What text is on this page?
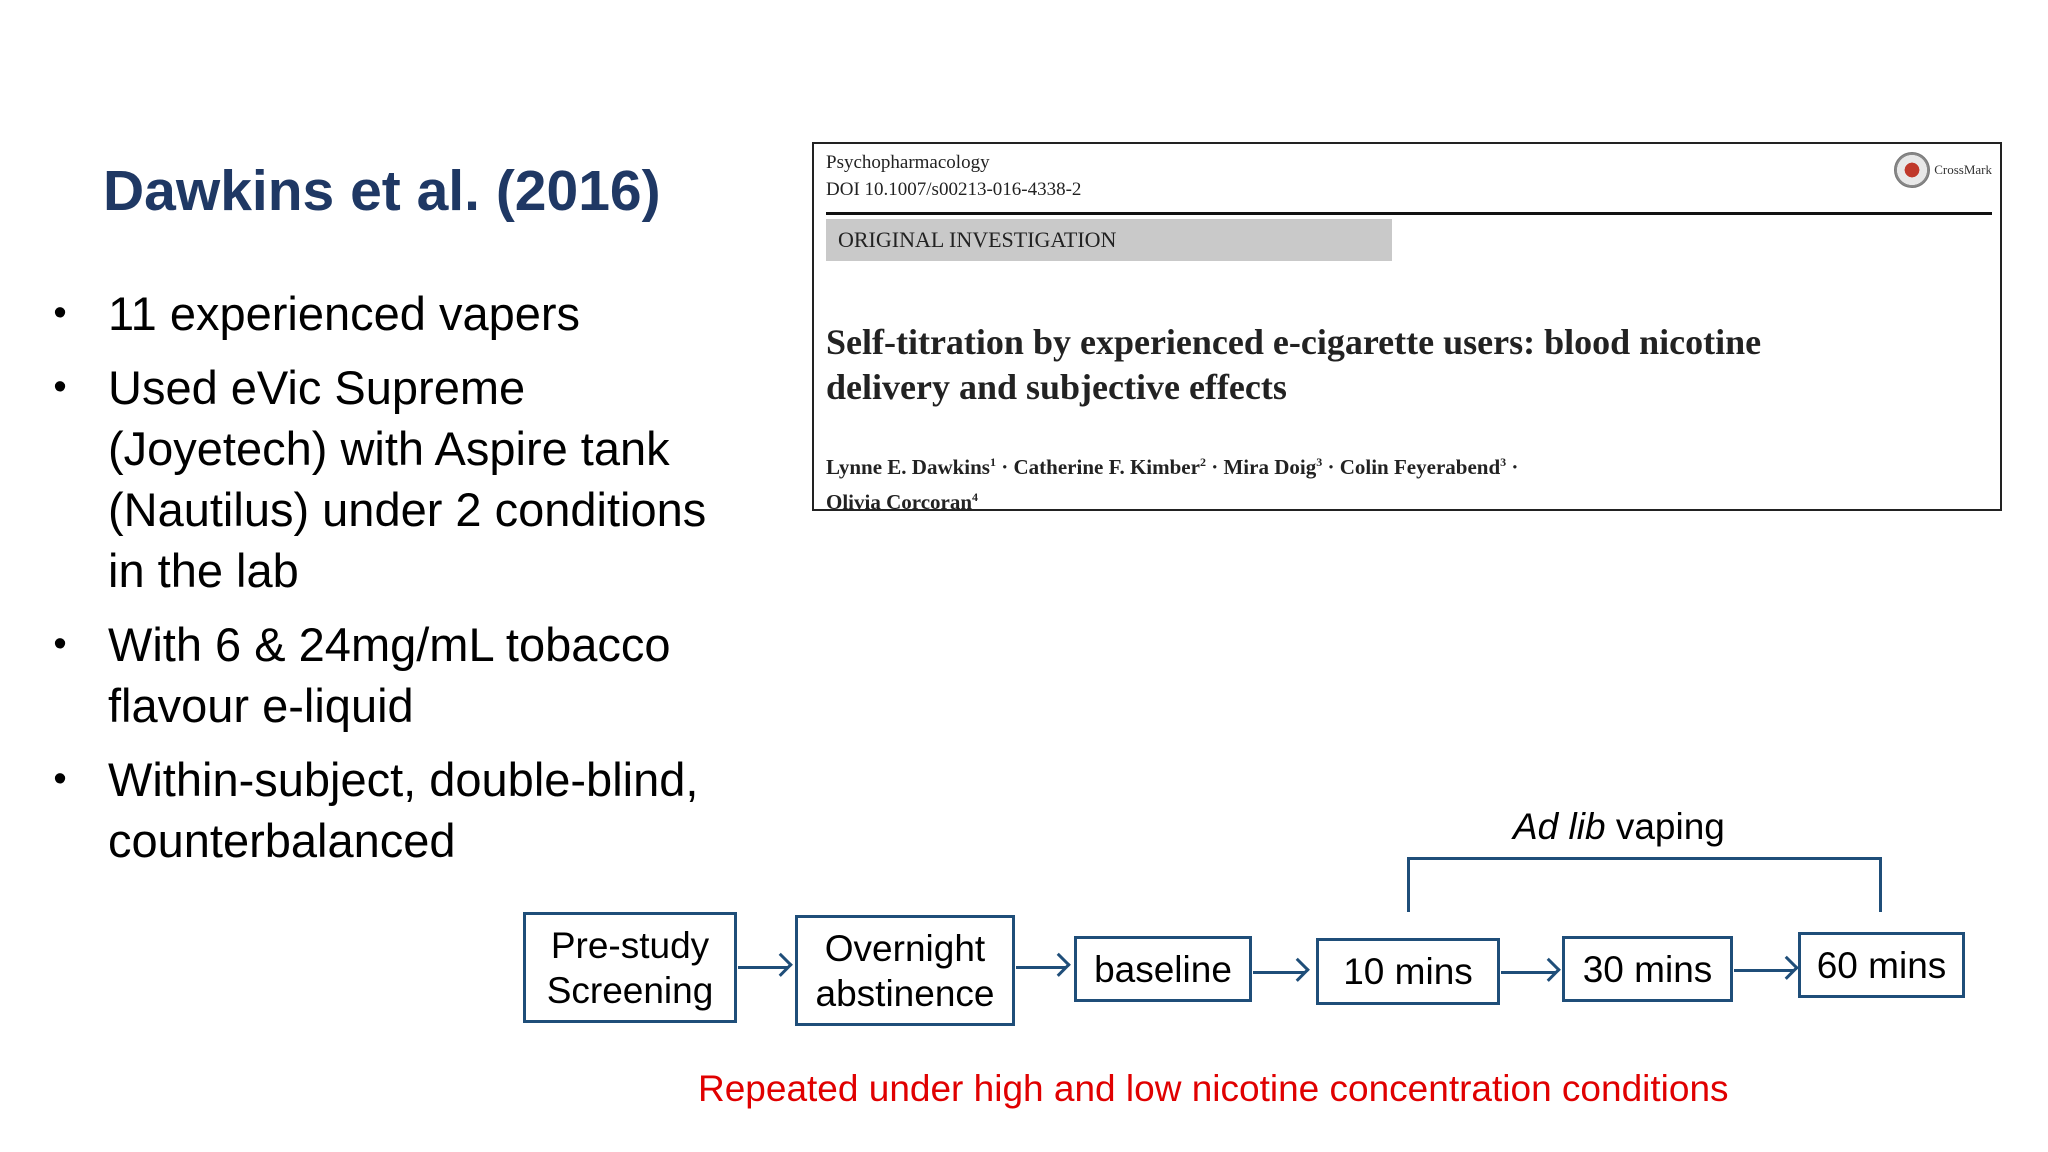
Dawkins et al. (2016)
• 11 experienced vapers
• Used eVic Supreme
(Joyetech) with Aspire tank
(Nautilus) under 2 conditions
in the lab
• With 6 & 24mg/mL tobacco
flavour e-liquid
• Within-subject, double-blind,
counterbalanced
Psychopharmacology
DOI 10.1007/s00213-016-4338-2
CrossMark
ORIGINAL INVESTIGATION
Self-titration by experienced e-cigarette users: blood nicotine
delivery and subjective effects
Lynne E. Dawkins$^1$ · Catherine F. Kimber$^2$ · Mira Doig$^3$ · Colin Feyerabend$^3$ ·
Olivia Corcoran$^4$
Ad lib vaping
Pre-study
Screening
Overnight
abstinence
baseline	10 mins	30 mins	60 mins
Repeated under high and low nicotine concentration conditions
